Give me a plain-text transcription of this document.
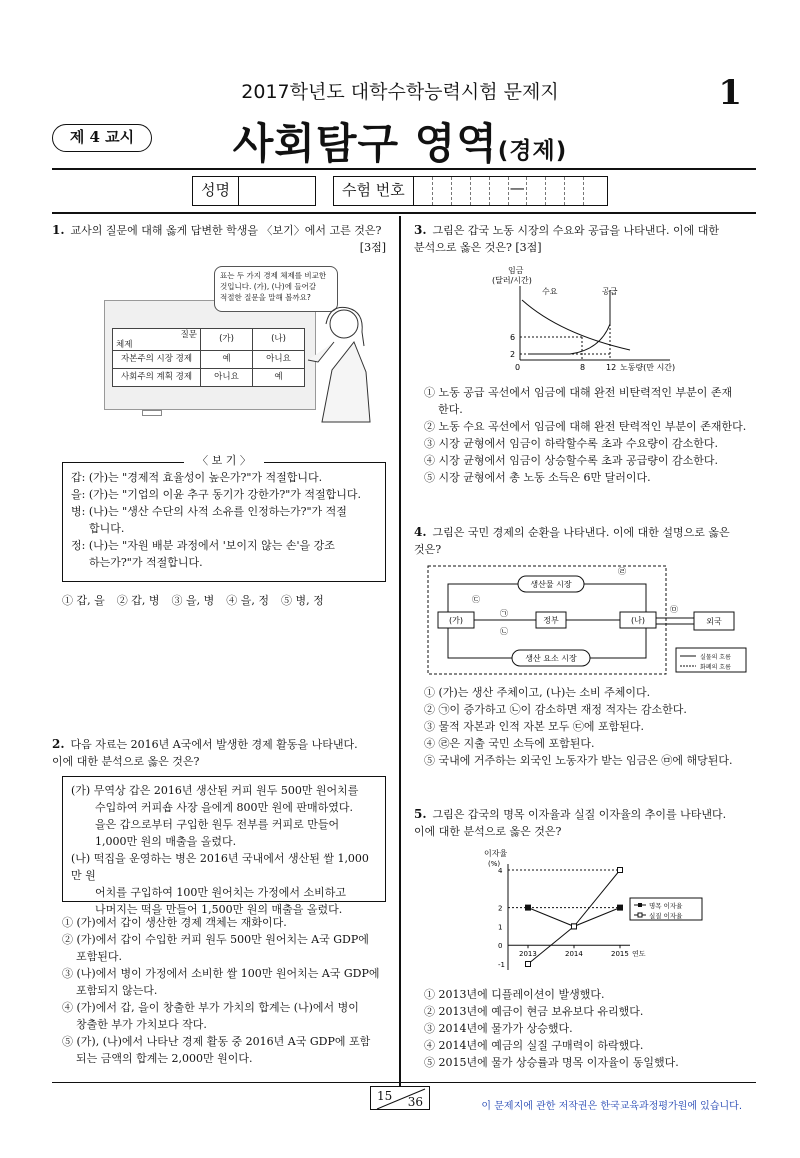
2017학년도 대학수학능력시험 문제지	1
제 4 교시	사회탐구 영역(경제)
성명	수험 번호	—
1. 교사의 질문에 대해 옳게 답변한 학생을 〈보기〉에서 고른 것은?
[3점]
표는 두 가지 경제 체제를 비교한
것입니다. (가), (나)에 들어갈
적절한 질문을 말해 볼까요?
질문
체제	(가)	(나)
자본주의 시장 경제	예	아니요
사회주의 계획 경제	아니요	예
갑: (가)는 "경제적 효율성이 높은가?"가 적절합니다.
을: (가)는 "기업의 이윤 추구 동기가 강한가?"가 적절합니다.
병: (나)는 "생산 수단의 사적 소유를 인정하는가?"가 적절
합니다.
정: (나)는 "자원 배분 과정에서 '보이지 않는 손'을 강조
하는가?"가 적절합니다.
〈 보 기 〉
① 갑, 을 ② 갑, 병 ③ 을, 병 ④ 을, 정 ⑤ 병, 정
2. 다음 자료는 2016년 A국에서 발생한 경제 활동을 나타낸다.
이에 대한 분석으로 옳은 것은?
(가) 무역상 갑은 2016년 생산된 커피 원두 500만 원어치를
수입하여 커피숍 사장 을에게 800만 원에 판매하였다.
을은 갑으로부터 구입한 원두 전부를 커피로 만들어
1,000만 원의 매출을 올렸다.
(나) 떡집을 운영하는 병은 2016년 국내에서 생산된 쌀 1,000만 원
어치를 구입하여 100만 원어치는 가정에서 소비하고
나머지는 떡을 만들어 1,500만 원의 매출을 올렸다.
① (가)에서 갑이 생산한 경제 객체는 재화이다.
② (가)에서 갑이 수입한 커피 원두 500만 원어치는 A국 GDP에
포함된다.
③ (나)에서 병이 가정에서 소비한 쌀 100만 원어치는 A국 GDP에
포함되지 않는다.
④ (가)에서 갑, 을이 창출한 부가 가치의 합계는 (나)에서 병이
창출한 부가 가치보다 작다.
⑤ (가), (나)에서 나타난 경제 활동 중 2016년 A국 GDP에 포함
되는 금액의 합계는 2,000만 원이다.
3. 그림은 갑국 노동 시장의 수요와 공급을 나타낸다. 이에 대한
분석으로 옳은 것은? [3점]
임금
(달러/시간)
수요	공급
6
2
0	8	12 노동량(만 시간)
① 노동 공급 곡선에서 임금에 대해 완전 비탄력적인 부분이 존재
한다.
② 노동 수요 곡선에서 임금에 대해 완전 탄력적인 부분이 존재한다.
③ 시장 균형에서 임금이 하락할수록 초과 수요량이 감소한다.
④ 시장 균형에서 임금이 상승할수록 초과 공급량이 감소한다.
⑤ 시장 균형에서 총 노동 소득은 6만 달러이다.
4. 그림은 국민 경제의 순환을 나타낸다. 이에 대한 설명으로 옳은
것은?
생산물 시장
생산 요소 시장
(가)	정부	(나)	외국
㉢
㉠
㉡
㉣
㉤
실물의 흐름
화폐의 흐름
① (가)는 생산 주체이고, (나)는 소비 주체이다.
② ㉠이 증가하고 ㉡이 감소하면 재정 적자는 감소한다.
③ 물적 자본과 인적 자본 모두 ㉢에 포함된다.
④ ㉣은 지출 국민 소득에 포함된다.
⑤ 국내에 거주하는 외국인 노동자가 받는 임금은 ㉤에 해당된다.
5. 그림은 갑국의 명목 이자율과 실질 이자율의 추이를 나타낸다.
이에 대한 분석으로 옳은 것은?
이자율
(%)
연도
4
2
1
0
-1
2013	2014	2015
명목 이자율
실질 이자율
① 2013년에 디플레이션이 발생했다.
② 2013년에 예금이 현금 보유보다 유리했다.
③ 2014년에 물가가 상승했다.
④ 2014년에 예금의 실질 구매력이 하락했다.
⑤ 2015년에 물가 상승률과 명목 이자율이 동일했다.
15 36	이 문제지에 관한 저작권은 한국교육과정평가원에 있습니다.
